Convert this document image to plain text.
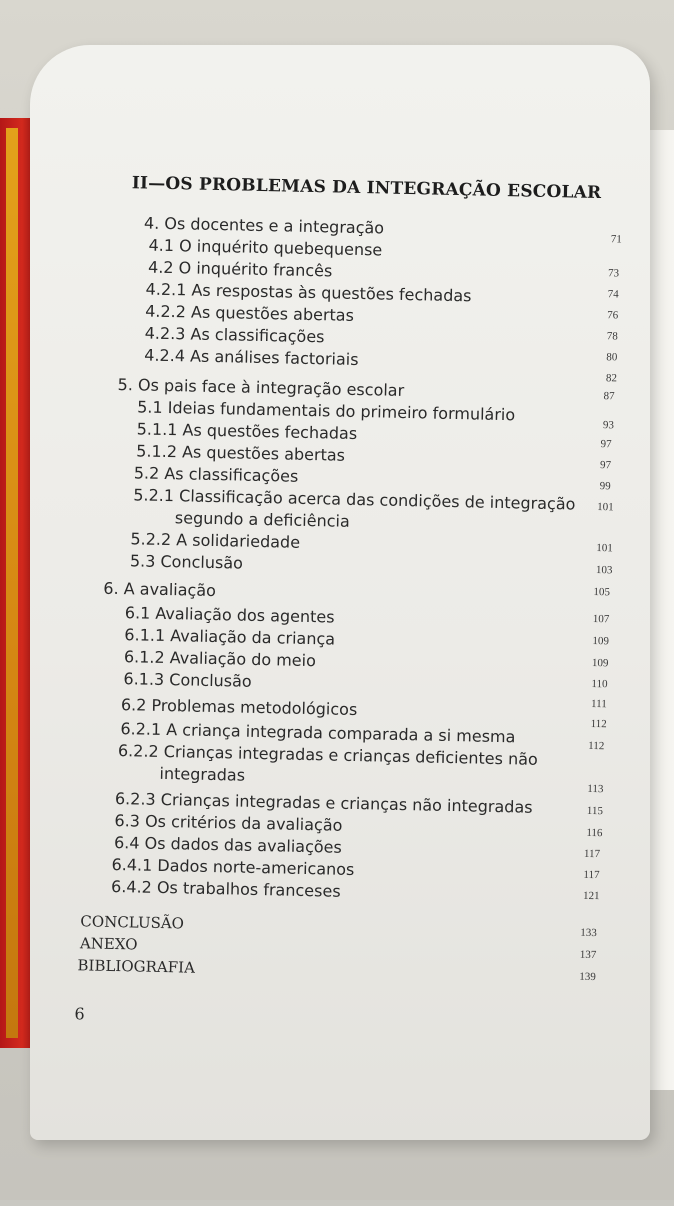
II—OS PROBLEMAS DA INTEGRAÇÃO ESCOLAR
4. Os docentes e a integração
4.1 O inquérito quebequense
4.2 O inquérito francês
4.2.1 As respostas às questões fechadas
4.2.2 As questões abertas
4.2.3 As classificações
4.2.4 As análises factoriais
5. Os pais face à integração escolar
5.1 Ideias fundamentais do primeiro formulário
5.1.1 As questões fechadas
5.1.2 As questões abertas
5.2 As classificações
5.2.1 Classificação acerca das condições de integração
segundo a deficiência
5.2.2 A solidariedade
5.3 Conclusão
6. A avaliação
6.1 Avaliação dos agentes
6.1.1 Avaliação da criança
6.1.2 Avaliação do meio
6.1.3 Conclusão
6.2 Problemas metodológicos
6.2.1 A criança integrada comparada a si mesma
6.2.2 Crianças integradas e crianças deficientes não
integradas
6.2.3 Crianças integradas e crianças não integradas
6.3 Os critérios da avaliação
6.4 Os dados das avaliações
6.4.1 Dados norte-americanos
6.4.2 Os trabalhos franceses
CONCLUSÃO
ANEXO
BIBLIOGRAFIA
71
73
74
76
78
80
82
87
93
97
97
99
101
101
103
105
107
109
109
110
111
112
112
113
115
116
117
117
121
133
137
139
6
